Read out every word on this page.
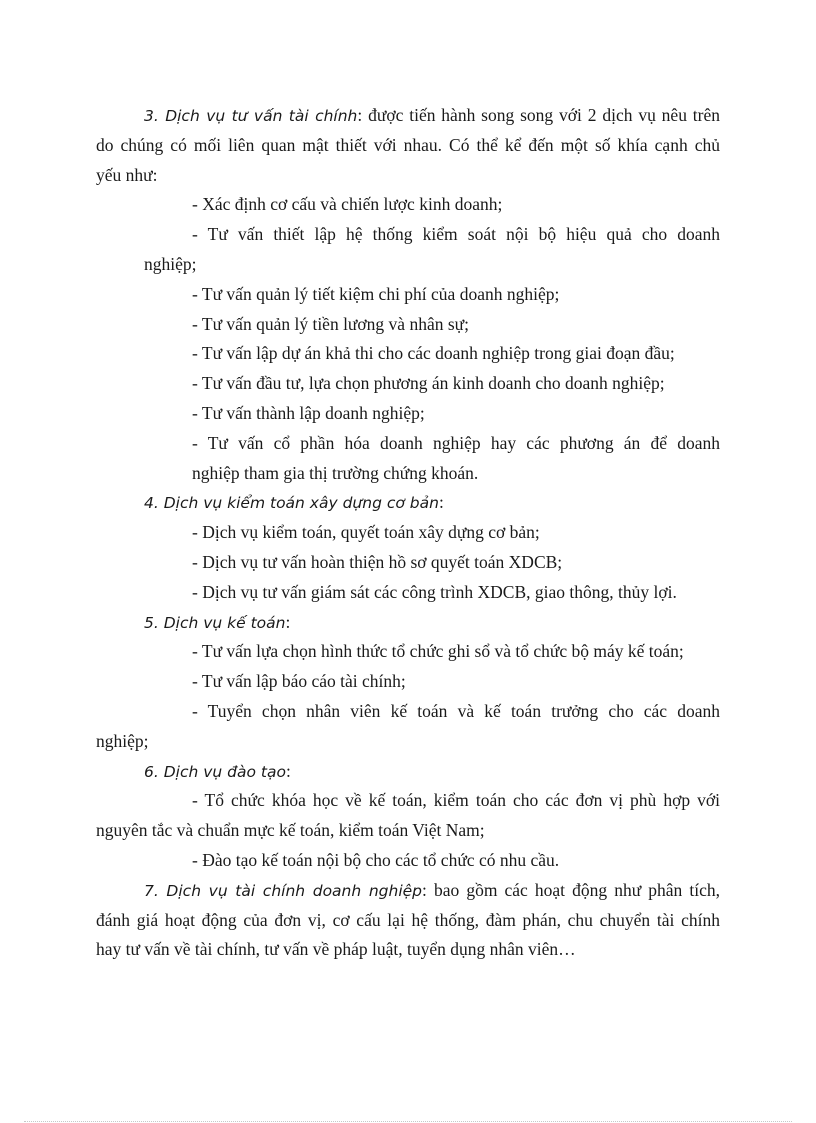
3. Dịch vụ tư vấn tài chính: được tiến hành song song với 2 dịch vụ nêu trên
do chúng có mối liên quan mật thiết với nhau. Có thể kể đến một số khía cạnh chủ
yếu như:
- Xác định cơ cấu và chiến lược kinh doanh;
- Tư vấn thiết lập hệ thống kiểm soát nội bộ hiệu quả cho doanh
nghiệp;
- Tư vấn quản lý tiết kiệm chi phí của doanh nghiệp;
- Tư vấn quản lý tiền lương và nhân sự;
- Tư vấn lập dự án khả thi cho các doanh nghiệp trong giai đoạn đầu;
- Tư vấn đầu tư, lựa chọn phương án kinh doanh cho doanh nghiệp;
- Tư vấn thành lập doanh nghiệp;
- Tư vấn cổ phần hóa doanh nghiệp hay các phương án để doanh
nghiệp tham gia thị trường chứng khoán.
4. Dịch vụ kiểm toán xây dựng cơ bản:
- Dịch vụ kiểm toán, quyết toán xây dựng cơ bản;
- Dịch vụ tư vấn hoàn thiện hồ sơ quyết toán XDCB;
- Dịch vụ tư vấn giám sát các công trình XDCB, giao thông, thủy lợi.
5. Dịch vụ kế toán:
- Tư vấn lựa chọn hình thức tổ chức ghi sổ và tổ chức bộ máy kế toán;
- Tư vấn lập báo cáo tài chính;
- Tuyển chọn nhân viên kế toán và kế toán trưởng cho các doanh
nghiệp;
6. Dịch vụ đào tạo:
- Tổ chức khóa học về kế toán, kiểm toán cho các đơn vị phù hợp với
nguyên tắc và chuẩn mực kế toán, kiểm toán Việt Nam;
- Đào tạo kế toán nội bộ cho các tổ chức có nhu cầu.
7. Dịch vụ tài chính doanh nghiệp: bao gồm các hoạt động như phân tích,
đánh giá hoạt động của đơn vị, cơ cấu lại hệ thống, đàm phán, chu chuyển tài chính
hay tư vấn về tài chính, tư vấn về pháp luật, tuyển dụng nhân viên…
